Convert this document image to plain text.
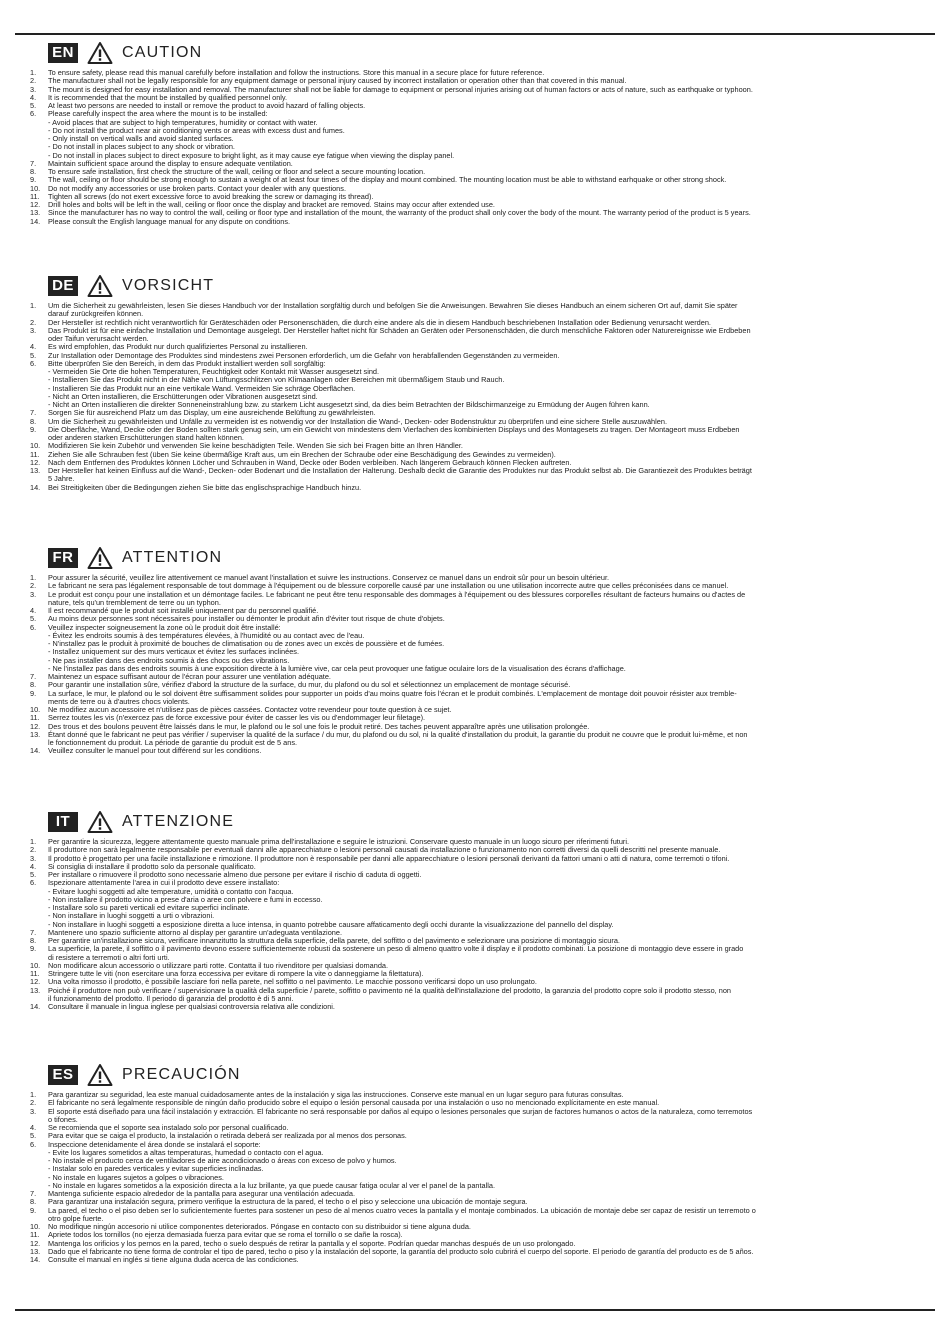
EN	CAUTION
1.	To ensure safety, please read this manual carefully before installation and follow the instructions. Store this manual in a secure place for future reference.
2.	The manufacturer shall not be legally responsible for any equipment damage or personal injury caused by incorrect installation or operation other than that covered in this manual.
3.	The mount is designed for easy installation and removal. The manufacturer shall not be liable for damage to equipment or personal injuries arising out of human factors or acts of nature, such as earthquake or typhoon.
4.	It is recommended that the mount be installed by qualified personnel only.
5.	At least two persons are needed to install or remove the product to avoid hazard of falling objects.
6.	Please carefully inspect the area where the mount is to be installed:
- Avoid places that are subject to high temperatures, humidity or contact with water.
- Do not install the product near air conditioning vents or areas with excess dust and fumes.
- Only install on vertical walls and avoid slanted surfaces.
- Do not install in places subject to any shock or vibration.
- Do not install in places subject to direct exposure to bright light, as it may cause eye fatigue when viewing the display panel.
7.	Maintain sufficient space around the display to ensure adequate ventilation.
8.	To ensure safe installation, first check the structure of the wall, ceiling or floor and select a secure mounting location.
9.	The wall, ceiling or floor should be strong enough to sustain a weight of at least four times of the display and mount combined. The mounting location must be able to withstand earhquake or other strong shock.
10.	Do not modify any accessories or use broken parts. Contact your dealer with any questions.
11.	Tighten all screws (do not exert excessive force to avoid breaking the screw or damaging its thread).
12.	Drill holes and bolts will be left in the wall, ceiling or floor once the display and bracket are removed. Stains may occur after extended use.
13.	Since the manufacturer has no way to control the wall, ceiling or floor type and installation of the mount, the warranty of the product shall only cover the body of the mount. The warranty period of the product is 5 years.
14.	Please consult the English language manual for any dispute on conditions.
DE	VORSICHT
1.	Um die Sicherheit zu gewährleisten, lesen Sie dieses Handbuch vor der Installation sorgfältig durch und befolgen Sie die Anweisungen. Bewahren Sie dieses Handbuch an einem sicheren Ort auf, damit Sie später
darauf zurückgreifen können.
2.	Der Hersteller ist rechtlich nicht verantwortlich für Geräteschäden oder Personenschäden, die durch eine andere als die in diesem Handbuch beschriebenen Installation oder Bedienung verursacht werden.
3.	Das Produkt ist für eine einfache Installation und Demontage ausgelegt. Der Hersteller haftet nicht für Schäden an Geräten oder Personenschäden, die durch menschliche Faktoren oder Naturereignisse wie Erdbeben
oder Taifun verursacht werden.
4.	Es wird empfohlen, das Produkt nur durch qualifiziertes Personal zu installieren.
5.	Zur Installation oder Demontage des Produktes sind mindestens zwei Personen erforderlich, um die Gefahr von herabfallenden Gegenständen zu vermeiden.
6.	Bitte überprüfen Sie den Bereich, in dem das Produkt installiert werden soll sorgfältig:
- Vermeiden Sie Orte die hohen Temperaturen, Feuchtigkeit oder Kontakt mit Wasser ausgesetzt sind.
- Installieren Sie das Produkt nicht in der Nähe von Lüftungsschlitzen von Klimaanlagen oder Bereichen mit übermäßigem Staub und Rauch.
- Installieren Sie das Produkt nur an eine vertikale Wand. Vermeiden Sie schräge Oberflächen.
- Nicht an Orten installieren, die Erschütterungen oder Vibrationen ausgesetzt sind.
- Nicht an Orten installieren die direkter Sonneneinstrahlung bzw. zu starkem Licht ausgesetzt sind, da dies beim Betrachten der Bildschirmanzeige zu Ermüdung der Augen führen kann.
7.	Sorgen Sie für ausreichend Platz um das Display, um eine ausreichende Belüftung zu gewährleisten.
8.	Um die Sicherheit zu gewährleisten und Unfälle zu vermeiden ist es notwendig vor der Installation die Wand-, Decken- oder Bodenstruktur zu überprüfen und eine sichere Stelle auszuwählen.
9.	Die Oberfläche, Wand, Decke oder der Boden sollten stark genug sein, um ein Gewicht von mindestens dem Vierfachen des kombinierten Displays und des Montagesets zu tragen. Der Montageort muss Erdbeben
oder anderen starken Erschütterungen stand halten können.
10.	Modifizieren Sie kein Zubehör und verwenden Sie keine beschädigten Teile. Wenden Sie sich bei Fragen bitte an Ihren Händler.
11.	Ziehen Sie alle Schrauben fest (üben Sie keine übermäßige Kraft aus, um ein Brechen der Schraube oder eine Beschädigung des Gewindes zu vermeiden).
12.	Nach dem Entfernen des Produktes können Löcher und Schrauben in Wand, Decke oder Boden verbleiben. Nach längerem Gebrauch können Flecken auftreten.
13.	Der Hersteller hat keinen Einfluss auf die Wand-, Decken- oder Bodenart und die Installation der Halterung. Deshalb deckt die Garantie des Produktes nur das Produkt selbst ab. Die Garantiezeit des Produktes beträgt
5 Jahre.
14.	Bei Streitigkeiten über die Bedingungen ziehen Sie bitte das englischsprachige Handbuch hinzu.
FR	ATTENTION
1.	Pour assurer la sécurité, veuillez lire attentivement ce manuel avant l'installation et suivre les instructions. Conservez ce manuel dans un endroit sûr pour un besoin ultérieur.
2.	Le fabricant ne sera pas légalement responsable de tout dommage à l'équipement ou de blessure corporelle causé par une installation ou une utilisation incorrecte autre que celles préconisées dans ce manuel.
3.	Le produit est conçu pour une installation et un démontage faciles. Le fabricant ne peut être tenu responsable des dommages à l'équipement ou des blessures corporelles résultant de facteurs humains ou d'actes de
nature, tels qu'un tremblement de terre ou un typhon.
4.	Il est recommandé que le produit soit installé uniquement par du personnel qualifié.
5.	Au moins deux personnes sont nécessaires pour installer ou démonter le produit afin d'éviter tout risque de chute d'objets.
6.	Veuillez inspecter soigneusement la zone où le produit doit être installé:
- Évitez les endroits soumis à des températures élevées, à l'humidité ou au contact avec de l'eau.
- N'installez pas le produit à proximité de bouches de climatisation ou de zones avec un excès de poussière et de fumées.
- Installez uniquement sur des murs verticaux et évitez les surfaces inclinées.
- Ne pas installer dans des endroits soumis à des chocs ou des vibrations.
- Ne l'installez pas dans des endroits soumis à une exposition directe à la lumière vive, car cela peut provoquer une fatigue oculaire lors de la visualisation des écrans d'affichage.
7.	Maintenez un espace suffisant autour de l'écran pour assurer une ventilation adéquate.
8.	Pour garantir une installation sûre, vérifiez d'abord la structure de la surface, du mur, du plafond ou du sol et sélectionnez un emplacement de montage sécurisé.
9.	La surface, le mur, le plafond ou le sol doivent être suffisamment solides pour supporter un poids d'au moins quatre fois l'écran et le produit combinés. L'emplacement de montage doit pouvoir résister aux tremble-
ments de terre ou à d'autres chocs violents.
10.	Ne modifiez aucun accessoire et n'utilisez pas de pièces cassées. Contactez votre revendeur pour toute question à ce sujet.
11.	Serrez toutes les vis (n'exercez pas de force excessive pour éviter de casser les vis ou d'endommager leur filetage).
12.	Des trous et des boulons peuvent être laissés dans le mur, le plafond ou le sol une fois le produit retiré. Des taches peuvent apparaître après une utilisation prolongée.
13.	Étant donné que le fabricant ne peut pas vérifier / superviser la qualité de la surface / du mur, du plafond ou du sol, ni la qualité d'installation du produit, la garantie du produit ne couvre que le produit lui-même, et non
le fonctionnement du produit. La période de garantie du produit est de 5 ans.
14.	Veuillez consulter le manuel pour tout différend sur les conditions.
IT	ATTENZIONE
1.	Per garantire la sicurezza, leggere attentamente questo manuale prima dell'installazione e seguire le istruzioni. Conservare questo manuale in un luogo sicuro per riferimenti futuri.
2.	Il produttore non sarà legalmente responsabile per eventuali danni alle apparecchiature o lesioni personali causati da installazione o funzionamento non corretti diversi da quelli descritti nel presente manuale.
3.	Il prodotto è progettato per una facile installazione e rimozione. Il produttore non è responsabile per danni alle apparecchiature o lesioni personali derivanti da fattori umani o atti di natura, come terremoti o tifoni.
4.	Si consiglia di installare il prodotto solo da personale qualificato.
5.	Per installare o rimuovere il prodotto sono necessarie almeno due persone per evitare il rischio di caduta di oggetti.
6.	Ispezionare attentamente l'area in cui il prodotto deve essere installato:
- Evitare luoghi soggetti ad alte temperature, umidità o contatto con l'acqua.
- Non installare il prodotto vicino a prese d'aria o aree con polvere e fumi in eccesso.
- Installare solo su pareti verticali ed evitare superfici inclinate.
- Non installare in luoghi soggetti a urti o vibrazioni.
- Non installare in luoghi soggetti a esposizione diretta a luce intensa, in quanto potrebbe causare affaticamento degli occhi durante la visualizzazione del pannello del display.
7.	Mantenere uno spazio sufficiente attorno al display per garantire un'adeguata ventilazione.
8.	Per garantire un'installazione sicura, verificare innanzitutto la struttura della superficie, della parete, del soffitto o del pavimento e selezionare una posizione di montaggio sicura.
9.	La superficie, la parete, il soffitto o il pavimento devono essere sufficientemente robusti da sostenere un peso di almeno quattro volte il display e il prodotto combinati. La posizione di montaggio deve essere in grado
di resistere a terremoti o altri forti urti.
10.	Non modificare alcun accessorio o utilizzare parti rotte. Contatta il tuo rivenditore per qualsiasi domanda.
11.	Stringere tutte le viti (non esercitare una forza eccessiva per evitare di rompere la vite o danneggiarne la filettatura).
12.	Una volta rimosso il prodotto, è possibile lasciare fori nella parete, nel soffitto o nel pavimento. Le macchie possono verificarsi dopo un uso prolungato.
13.	Poiché il produttore non può verificare / supervisionare la qualità della superficie / parete, soffitto o pavimento né la qualità dell'installazione del prodotto, la garanzia del prodotto copre solo il prodotto stesso, non
il funzionamento del prodotto. Il periodo di garanzia del prodotto è di 5 anni.
14.	Consultare il manuale in lingua inglese per qualsiasi controversia relativa alle condizioni.
ES	PRECAUCIÓN
1.	Para garantizar su seguridad, lea este manual cuidadosamente antes de la instalación y siga las instrucciones. Conserve este manual en un lugar seguro para futuras consultas.
2.	El fabricante no será legalmente responsible de ningún daño producido sobre el equipo o lesión personal causada por una instalación o uso no mencionado explícitamente en este manual.
3.	El soporte está diseñado para una fácil instalación y extracción. El fabricante no será responsable por daños al equipo o lesiones personales que surjan de factores humanos o actos de la naturaleza, como terremotos
o tifones.
4.	Se recomienda que el soporte sea instalado solo por personal cualificado.
5.	Para evitar que se caiga el producto, la instalación o retirada deberá ser realizada por al menos dos personas.
6.	Inspeccione detenidamente el área donde se instalará el soporte:
- Evite los lugares sometidos a altas temperaturas, humedad o contacto con el agua.
- No instale el producto cerca de ventiladores de aire acondicionado o áreas con exceso de polvo y humos.
- Instalar solo en paredes verticales y evitar superficies inclinadas.
- No instale en lugares sujetos a golpes o vibraciones.
- No instale en lugares sometidos a la exposición directa a la luz brillante, ya que puede causar fatiga ocular al ver el panel de la pantalla.
7.	Mantenga suficiente espacio alrededor de la pantalla para asegurar una ventilación adecuada.
8.	Para garantizar una instalación segura, primero verifique la estructura de la pared, el techo o el piso y seleccione una ubicación de montaje segura.
9.	La pared, el techo o el piso deben ser lo suficientemente fuertes para sostener un peso de al menos cuatro veces la pantalla y el montaje combinados. La ubicación de montaje debe ser capaz de resistir un terremoto o
otro golpe fuerte.
10.	No modifique ningún accesorio ni utilice componentes deteriorados. Póngase en contacto con su distribuidor si tiene alguna duda.
11.	Apriete todos los tornillos (no ejerza demasiada fuerza para evitar que se roma el tornillo o se dañe la rosca).
12.	Mantenga los orificios y los pernos en la pared, techo o suelo después de retirar la pantalla y el soporte. Podrían quedar manchas después de un uso prolongado.
13.	Dado que el fabricante no tiene forma de controlar el tipo de pared, techo o piso y la instalación del soporte, la garantía del producto solo cubrirá el cuerpo del soporte. El periodo de garantía del producto es de 5 años.
14.	Consulte el manual en inglés si tiene alguna duda acerca de las condiciones.
